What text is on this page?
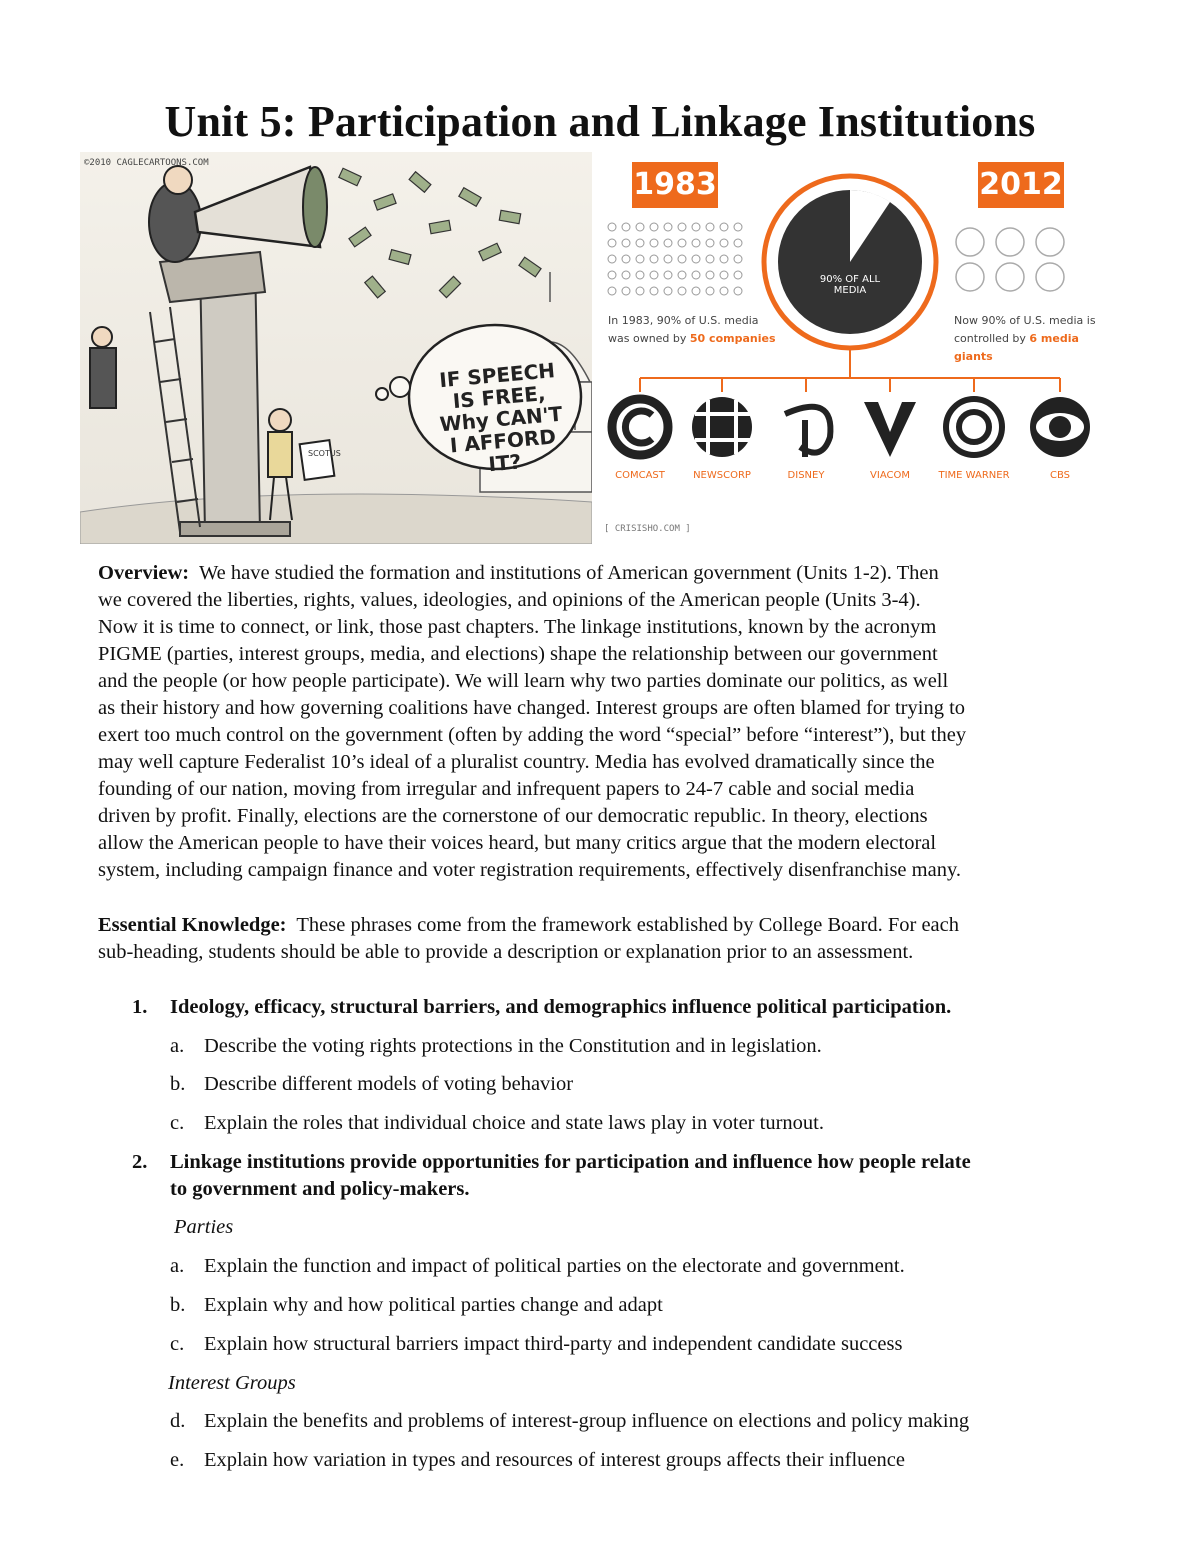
Unit 5: Participation and Linkage Institutions
SCOTUS
©2010 CAGLECARTOONS.COM
IF SPEECH IS FREE, Why CAN'T I AFFORD IT?
1983	2012
90% OF ALL MEDIA
In 1983, 90% of U.S. media
was owned by 50 companies
Now 90% of U.S. media is
controlled by 6 media giants
COMCAST	NEWSCORP	DISNEY	VIACOM	TIME WARNER	CBS
[ CRISISHO.COM ]
Overview: We have studied the formation and institutions of American government (Units 1-2). Then
we covered the liberties, rights, values, ideologies, and opinions of the American people (Units 3-4).
Now it is time to connect, or link, those past chapters. The linkage institutions, known by the acronym
PIGME (parties, interest groups, media, and elections) shape the relationship between our government
and the people (or how people participate). We will learn why two parties dominate our politics, as well
as their history and how governing coalitions have changed. Interest groups are often blamed for trying to
exert too much control on the government (often by adding the word “special” before “interest”), but they
may well capture Federalist 10’s ideal of a pluralist country. Media has evolved dramatically since the
founding of our nation, moving from irregular and infrequent papers to 24-7 cable and social media
driven by profit. Finally, elections are the cornerstone of our democratic republic. In theory, elections
allow the American people to have their voices heard, but many critics argue that the modern electoral
system, including campaign finance and voter registration requirements, effectively disenfranchise many.
Essential Knowledge: These phrases come from the framework established by College Board. For each
sub-heading, students should be able to provide a description or explanation prior to an assessment.
1. Ideology, efficacy, structural barriers, and demographics influence political participation.
a. Describe the voting rights protections in the Constitution and in legislation.
b. Describe different models of voting behavior
c. Explain the roles that individual choice and state laws play in voter turnout.
2. Linkage institutions provide opportunities for participation and influence how people relate
to government and policy-makers.
Parties
a. Explain the function and impact of political parties on the electorate and government.
b. Explain why and how political parties change and adapt
c. Explain how structural barriers impact third-party and independent candidate success
Interest Groups
d. Explain the benefits and problems of interest-group influence on elections and policy making
e. Explain how variation in types and resources of interest groups affects their influence
